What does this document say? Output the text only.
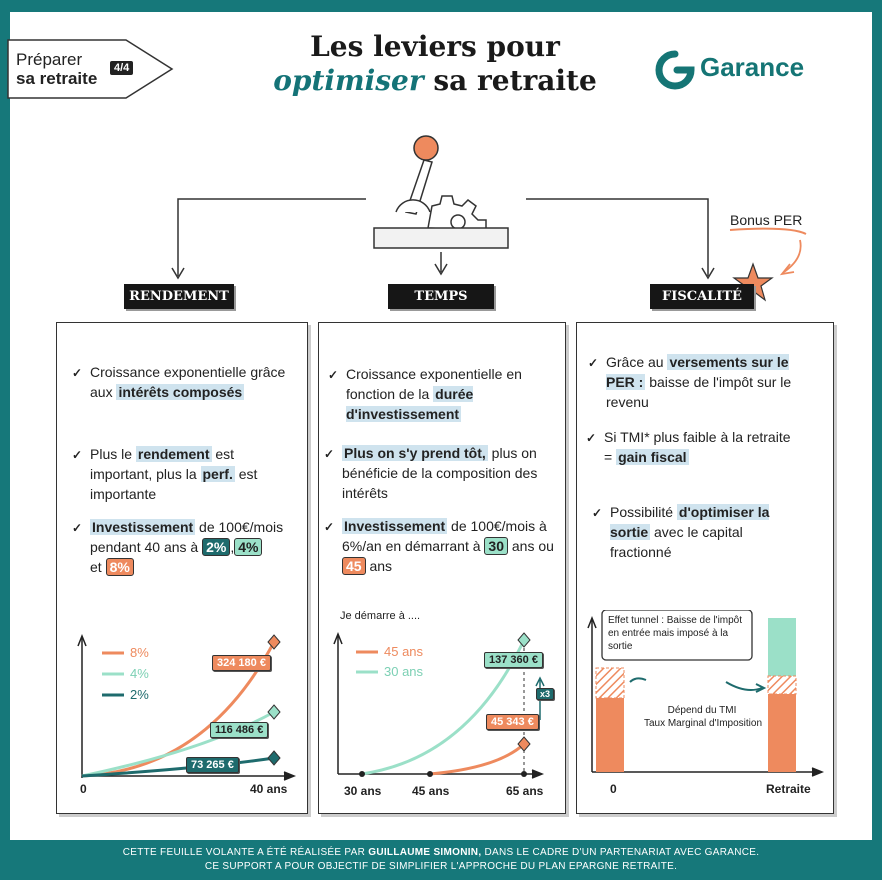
Préparer
sa retraite
4/4
Les leviers pour
optimiser sa retraite	Garance
RENDEMENT	TEMPS	FISCALITÉ
Bonus PER
✓ Croissance exponentielle grâce aux intérêts composés
✓ Plus le rendement est important, plus la perf. est importante
✓ Investissement de 100€/mois pendant 40 ans à 2% , 4%
et 8%
8%
4%
2%
324 180 €
116 486 €
73 265 €
0	40 ans
✓ Croissance exponentielle en fonction de la durée d'investissement
✓ Plus on s'y prend tôt, plus on bénéficie de la composition des intérêts
✓ Investissement de 100€/mois à 6%/an en démarrant à 30 ans ou 45 ans
Je démarre à ....
45 ans
30 ans
137 360 €
45 343 €
x3
30 ans	45 ans	65 ans
✓ Grâce au versements sur le PER : baisse de l'impôt sur le revenu
✓ Si TMI* plus faible à la retraite = gain fiscal
✓ Possibilité d'optimiser la sortie avec le capital fractionné
Effet tunnel : Baisse de l'impôt en entrée mais imposé à la sortie
Dépend du TMI
Taux Marginal d'Imposition
0	Retraite
CETTE FEUILLE VOLANTE A ÉTÉ RÉALISÉE PAR GUILLAUME SIMONIN, DANS LE CADRE D'UN PARTENARIAT AVEC GARANCE.
CE SUPPORT A POUR OBJECTIF DE SIMPLIFIER L'APPROCHE DU PLAN EPARGNE RETRAITE.
